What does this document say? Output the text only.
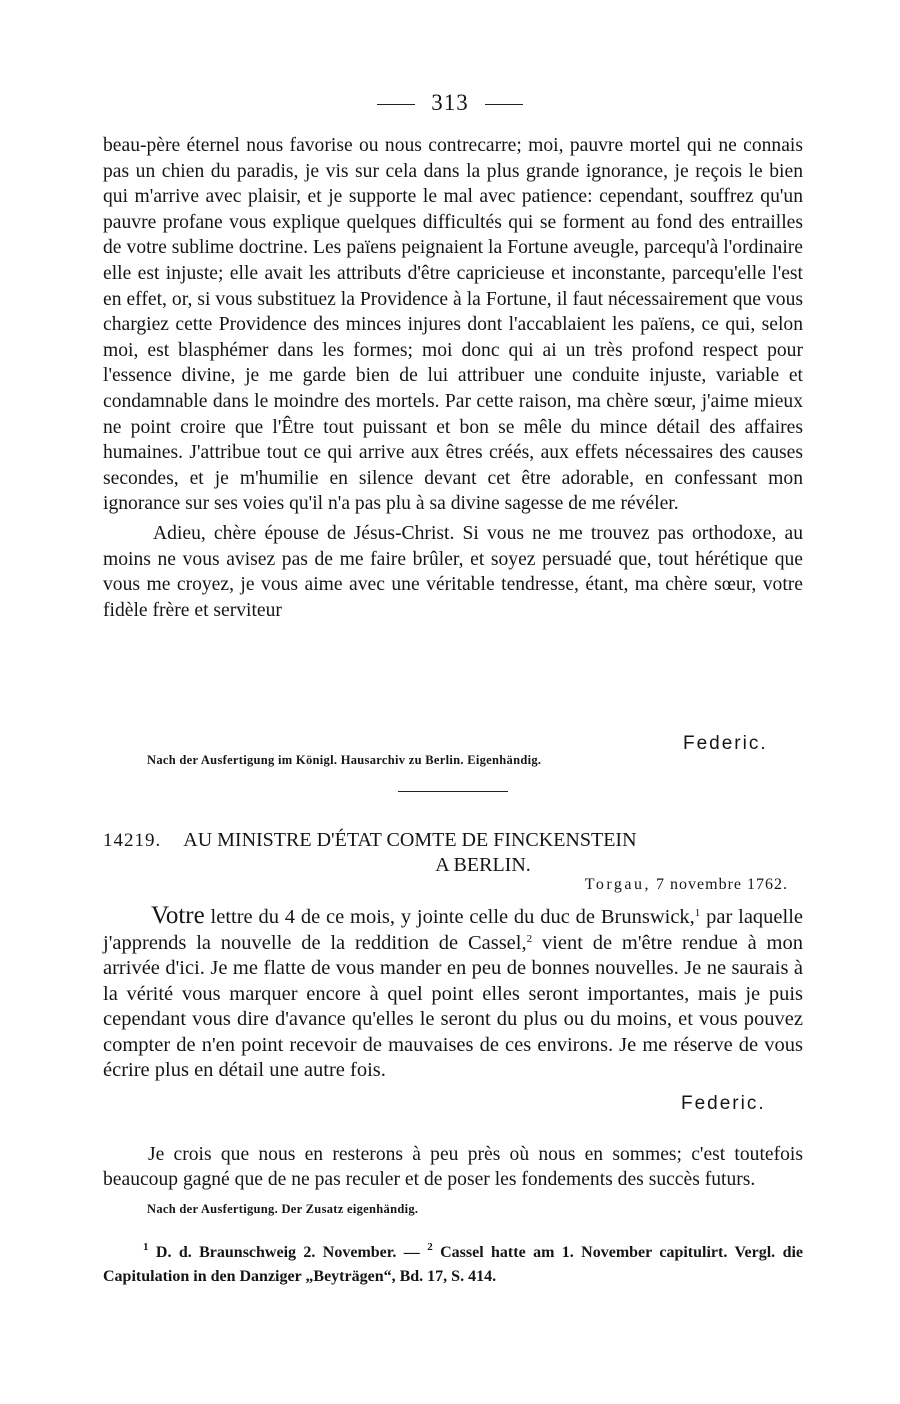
313

beau-père éternel nous favorise ou nous contrecarre; moi, pauvre mortel qui ne connais pas un chien du paradis, je vis sur cela dans la plus grande ignorance, je reçois le bien qui m'arrive avec plaisir, et je supporte le mal avec patience: cependant, souffrez qu'un pauvre profane vous explique quelques difficultés qui se forment au fond des entrailles de votre sublime doctrine. Les païens peignaient la Fortune aveugle, parcequ'à l'ordinaire elle est injuste; elle avait les attributs d'être capricieuse et inconstante, parcequ'elle l'est en effet, or, si vous substituez la Providence à la Fortune, il faut nécessairement que vous chargiez cette Providence des minces injures dont l'accablaient les païens, ce qui, selon moi, est blasphémer dans les formes; moi donc qui ai un très profond respect pour l'essence divine, je me garde bien de lui attribuer une conduite injuste, variable et condamnable dans le moindre des mortels. Par cette raison, ma chère sœur, j'aime mieux ne point croire que l'Être tout puissant et bon se mêle du mince détail des affaires humaines. J'attribue tout ce qui arrive aux êtres créés, aux effets nécessaires des causes secondes, et je m'humilie en silence devant cet être adorable, en confessant mon ignorance sur ses voies qu'il n'a pas plu à sa divine sagesse de me révéler.

Adieu, chère épouse de Jésus-Christ. Si vous ne me trouvez pas orthodoxe, au moins ne vous avisez pas de me faire brûler, et soyez persuadé que, tout hérétique que vous me croyez, je vous aime avec une véritable tendresse, étant, ma chère sœur, votre fidèle frère et serviteur

Federic.
Nach der Ausfertigung im Königl. Hausarchiv zu Berlin. Eigenhändig.
14219. AU MINISTRE D'ÉTAT COMTE DE FINCKENSTEIN
A BERLIN.
Torgau, 7 novembre 1762.

Votre lettre du 4 de ce mois, y jointe celle du duc de Brunswick,$^1$ par laquelle j'apprends la nouvelle de la reddition de Cassel,$^2$ vient de m'être rendue à mon arrivée d'ici. Je me flatte de vous mander en peu de bonnes nouvelles. Je ne saurais à la vérité vous marquer encore à quel point elles seront importantes, mais je puis cependant vous dire d'avance qu'elles le seront du plus ou du moins, et vous pouvez compter de n'en point recevoir de mauvaises de ces environs. Je me réserve de vous écrire plus en détail une autre fois.

Federic.

Je crois que nous en resterons à peu près où nous en sommes; c'est toutefois beaucoup gagné que de ne pas reculer et de poser les fondements des succès futurs.

Nach der Ausfertigung. Der Zusatz eigenhändig.

$^1$ D. d. Braunschweig 2. November. — $^2$ Cassel hatte am 1. November capitulirt. Vergl. die Capitulation in den Danziger „Beyträgen“, Bd. 17, S. 414.
